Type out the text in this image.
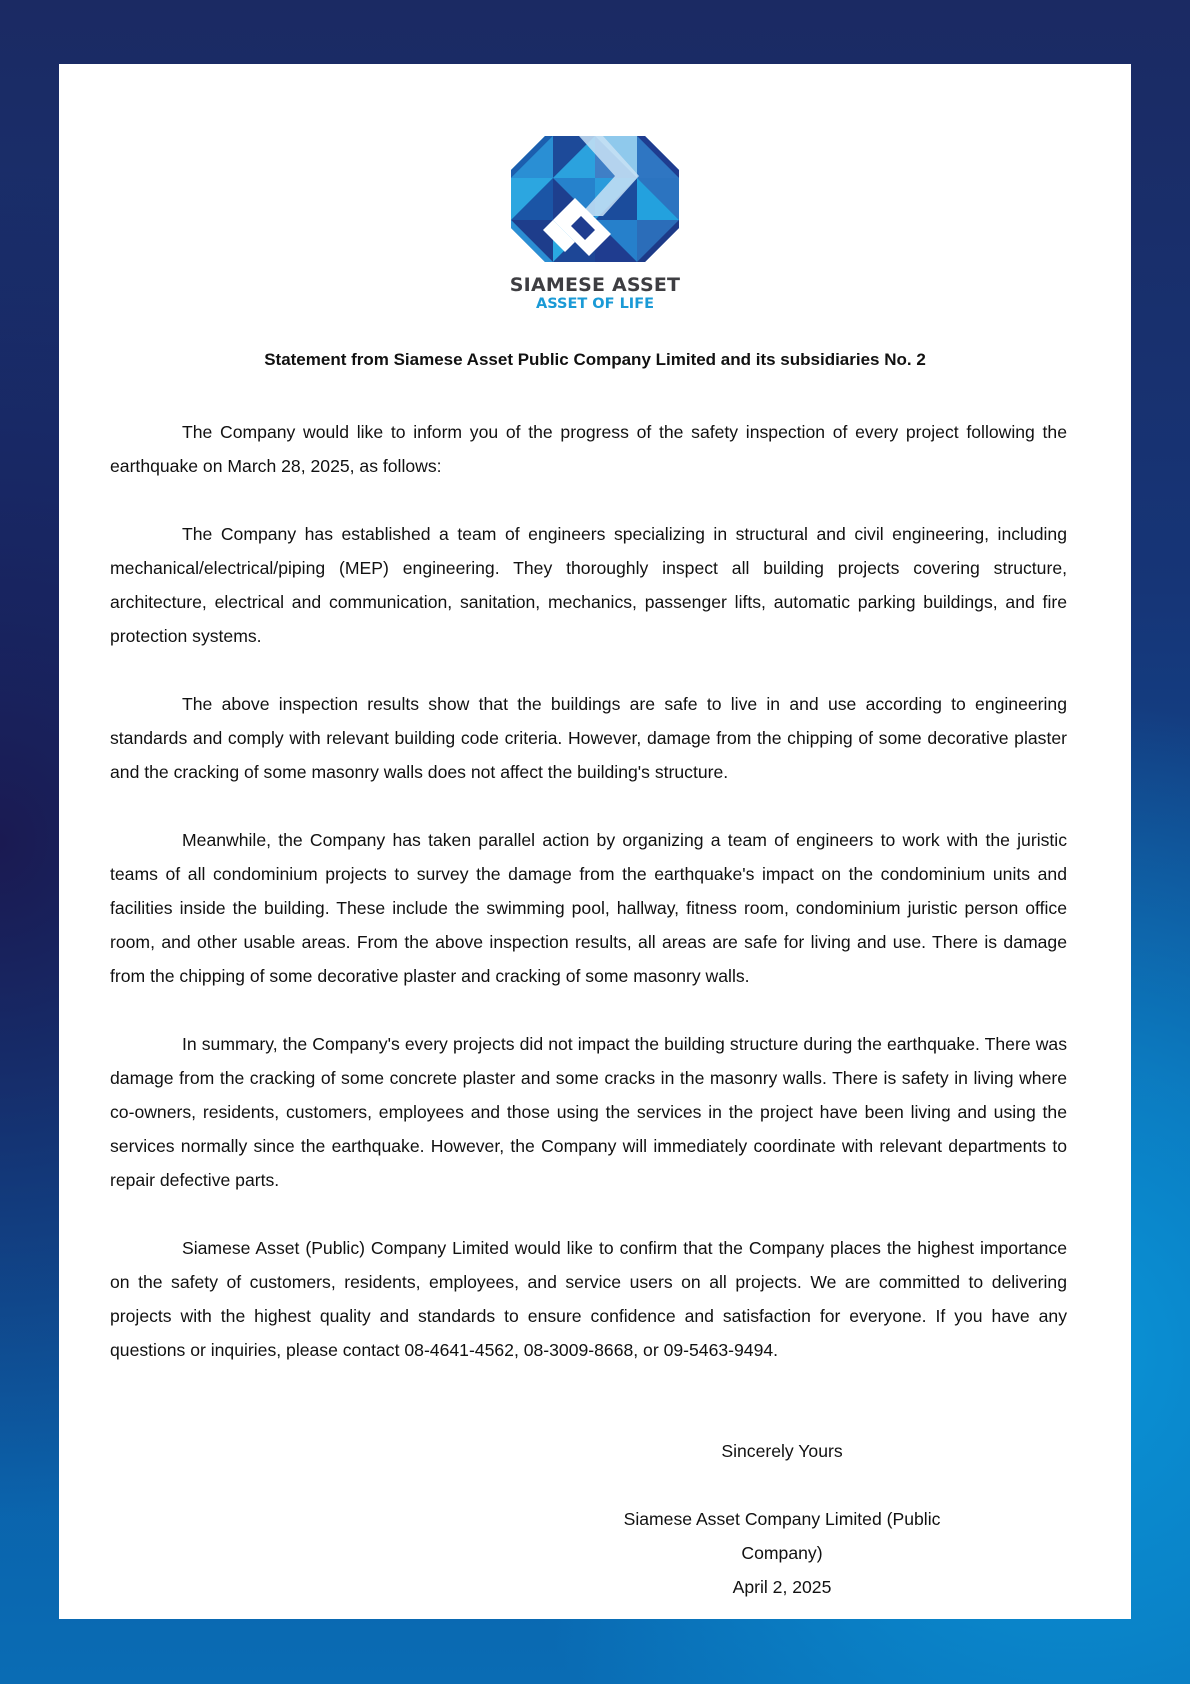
SIAMESE ASSET
ASSET OF LIFE
Statement from Siamese Asset Public Company Limited and its subsidiaries No. 2

The Company would like to inform you of the progress of the safety inspection of every project following the earthquake on March 28, 2025, as follows:

The Company has established a team of engineers specializing in structural and civil engineering, including mechanical/electrical/piping (MEP) engineering. They thoroughly inspect all building projects covering structure, architecture, electrical and communication, sanitation, mechanics, passenger lifts, automatic parking buildings, and fire protection systems.

The above inspection results show that the buildings are safe to live in and use according to engineering standards and comply with relevant building code criteria. However, damage from the chipping of some decorative plaster and the cracking of some masonry walls does not affect the building's structure.

Meanwhile, the Company has taken parallel action by organizing a team of engineers to work with the juristic teams of all condominium projects to survey the damage from the earthquake's impact on the condominium units and facilities inside the building. These include the swimming pool, hallway, fitness room, condominium juristic person office room, and other usable areas. From the above inspection results, all areas are safe for living and use. There is damage from the chipping of some decorative plaster and cracking of some masonry walls.

In summary, the Company's every projects did not impact the building structure during the earthquake. There was damage from the cracking of some concrete plaster and some cracks in the masonry walls. There is safety in living where co-owners, residents, customers, employees and those using the services in the project have been living and using the services normally since the earthquake. However, the Company will immediately coordinate with relevant departments to repair defective parts.

Siamese Asset (Public) Company Limited would like to confirm that the Company places the highest importance on the safety of customers, residents, employees, and service users on all projects. We are committed to delivering projects with the highest quality and standards to ensure confidence and satisfaction for everyone. If you have any questions or inquiries, please contact 08-4641-4562, 08-3009-8668, or 09-5463-9494.

Sincerely Yours
Siamese Asset Company Limited (Public Company)
April 2, 2025
